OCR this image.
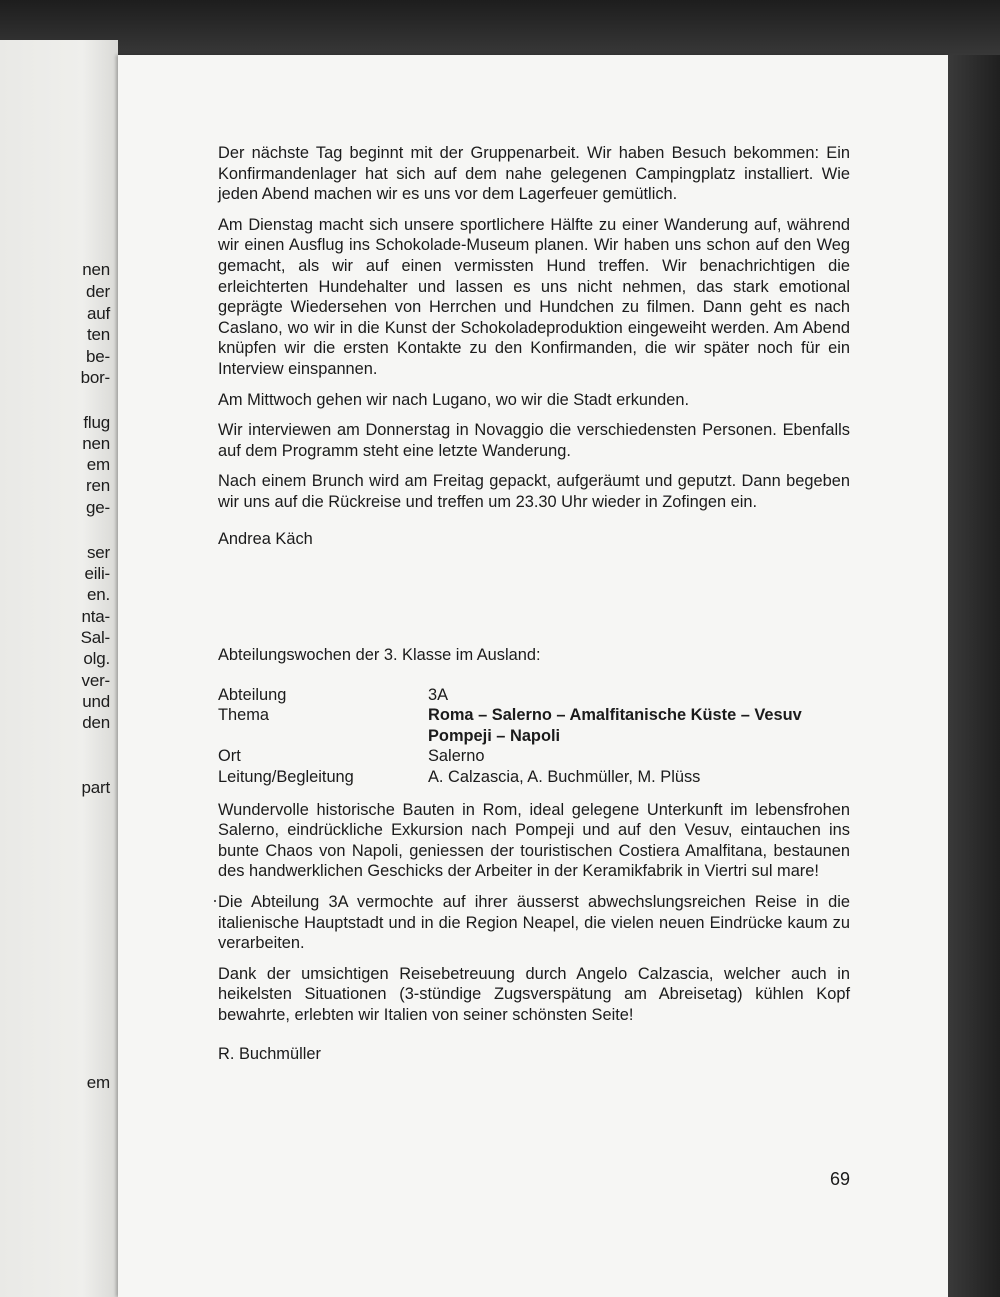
nen
der
auf
ten
be-
bor-
flug
nen
em
ren
ge-
ser
eili-
en.
nta-
Sal-
olg.
ver-
und
den
part
em

Der nächste Tag beginnt mit der Gruppenarbeit. Wir haben Besuch bekommen: Ein Konfirmandenlager hat sich auf dem nahe gelegenen Campingplatz installiert. Wie jeden Abend machen wir es uns vor dem Lagerfeuer gemütlich.

Am Dienstag macht sich unsere sportlichere Hälfte zu einer Wanderung auf, während wir einen Ausflug ins Schokolade-Museum planen. Wir haben uns schon auf den Weg gemacht, als wir auf einen vermissten Hund treffen. Wir benachrichtigen die erleichterten Hundehalter und lassen es uns nicht nehmen, das stark emotional geprägte Wiedersehen von Herrchen und Hundchen zu filmen. Dann geht es nach Caslano, wo wir in die Kunst der Schokoladeproduktion eingeweiht werden. Am Abend knüpfen wir die ersten Kontakte zu den Konfirmanden, die wir später noch für ein Interview einspannen.

Am Mittwoch gehen wir nach Lugano, wo wir die Stadt erkunden.

Wir interviewen am Donnerstag in Novaggio die verschiedensten Personen. Ebenfalls auf dem Programm steht eine letzte Wanderung.

Nach einem Brunch wird am Freitag gepackt, aufgeräumt und geputzt. Dann begeben wir uns auf die Rückreise und treffen um 23.30 Uhr wieder in Zofingen ein.

Andrea Käch

Abteilungswochen der 3. Klasse im Ausland:

Abteilung	3A
Thema	Roma – Salerno – Amalfitanische Küste – Vesuv
Pompeji – Napoli

Ort	Salerno
Leitung/Begleitung	A. Calzascia, A. Buchmüller, M. Plüss

Wundervolle historische Bauten in Rom, ideal gelegene Unterkunft im lebensfrohen Salerno, eindrückliche Exkursion nach Pompeji und auf den Vesuv, eintauchen ins bunte Chaos von Napoli, geniessen der touristischen Costiera Amalfitana, bestaunen des handwerklichen Geschicks der Arbeiter in der Keramikfabrik in Viertri sul mare!

Die Abteilung 3A vermochte auf ihrer äusserst abwechslungsreichen Reise in die italienische Hauptstadt und in die Region Neapel, die vielen neuen Eindrücke kaum zu verarbeiten.

Dank der umsichtigen Reisebetreuung durch Angelo Calzascia, welcher auch in heikelsten Situationen (3-stündige Zugsverspätung am Abreisetag) kühlen Kopf bewahrte, erlebten wir Italien von seiner schönsten Seite!

R. Buchmüller

69
